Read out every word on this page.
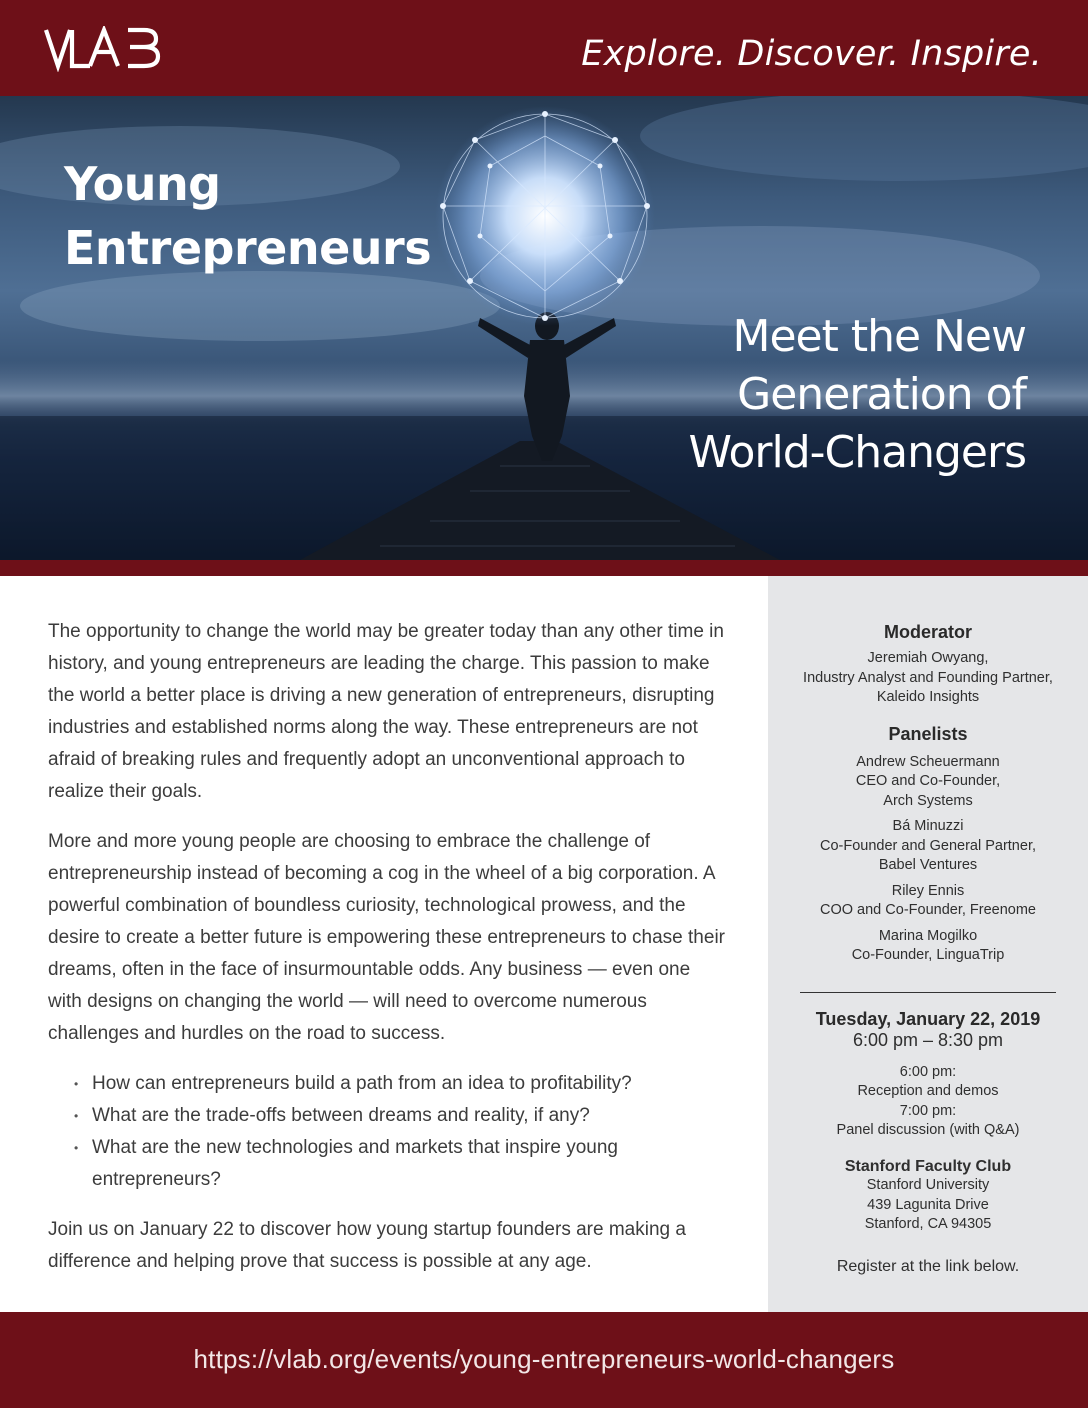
Explore. Discover. Inspire.
Young
Entrepreneurs
Meet the New
Generation of
World-Changers

The opportunity to change the world may be greater today than any other time in history, and young entrepreneurs are leading the charge. This passion to make the world a better place is driving a new generation of entrepreneurs, disrupting industries and established norms along the way. These entrepreneurs are not afraid of breaking rules and frequently adopt an unconventional approach to realize their goals.

More and more young people are choosing to embrace the challenge of entrepreneurship instead of becoming a cog in the wheel of a big corporation. A powerful combination of boundless curiosity, technological prowess, and the desire to create a better future is empowering these entrepreneurs to chase their dreams, often in the face of insurmountable odds. Any business — even one with designs on changing the world — will need to overcome numerous challenges and hurdles on the road to success.

• How can entrepreneurs build a path from an idea to profitability?
• What are the trade-offs between dreams and reality, if any?
• What are the new technologies and markets that inspire young entrepreneurs?

Join us on January 22 to discover how young startup founders are making a difference and helping prove that success is possible at any age.

Moderator
Jeremiah Owyang,
Industry Analyst and Founding Partner,
Kaleido Insights
Panelists
Andrew Scheuermann
CEO and Co-Founder,
Arch Systems
Bá Minuzzi
Co-Founder and General Partner,
Babel Ventures
Riley Ennis
COO and Co-Founder, Freenome
Marina Mogilko
Co-Founder, LinguaTrip
Tuesday, January 22, 2019
6:00 pm – 8:30 pm
6:00 pm:
Reception and demos
7:00 pm:
Panel discussion (with Q&A)
Stanford Faculty Club
Stanford University
439 Lagunita Drive
Stanford, CA 94305
Register at the link below.
https://vlab.org/events/young-entrepreneurs-world-changers
